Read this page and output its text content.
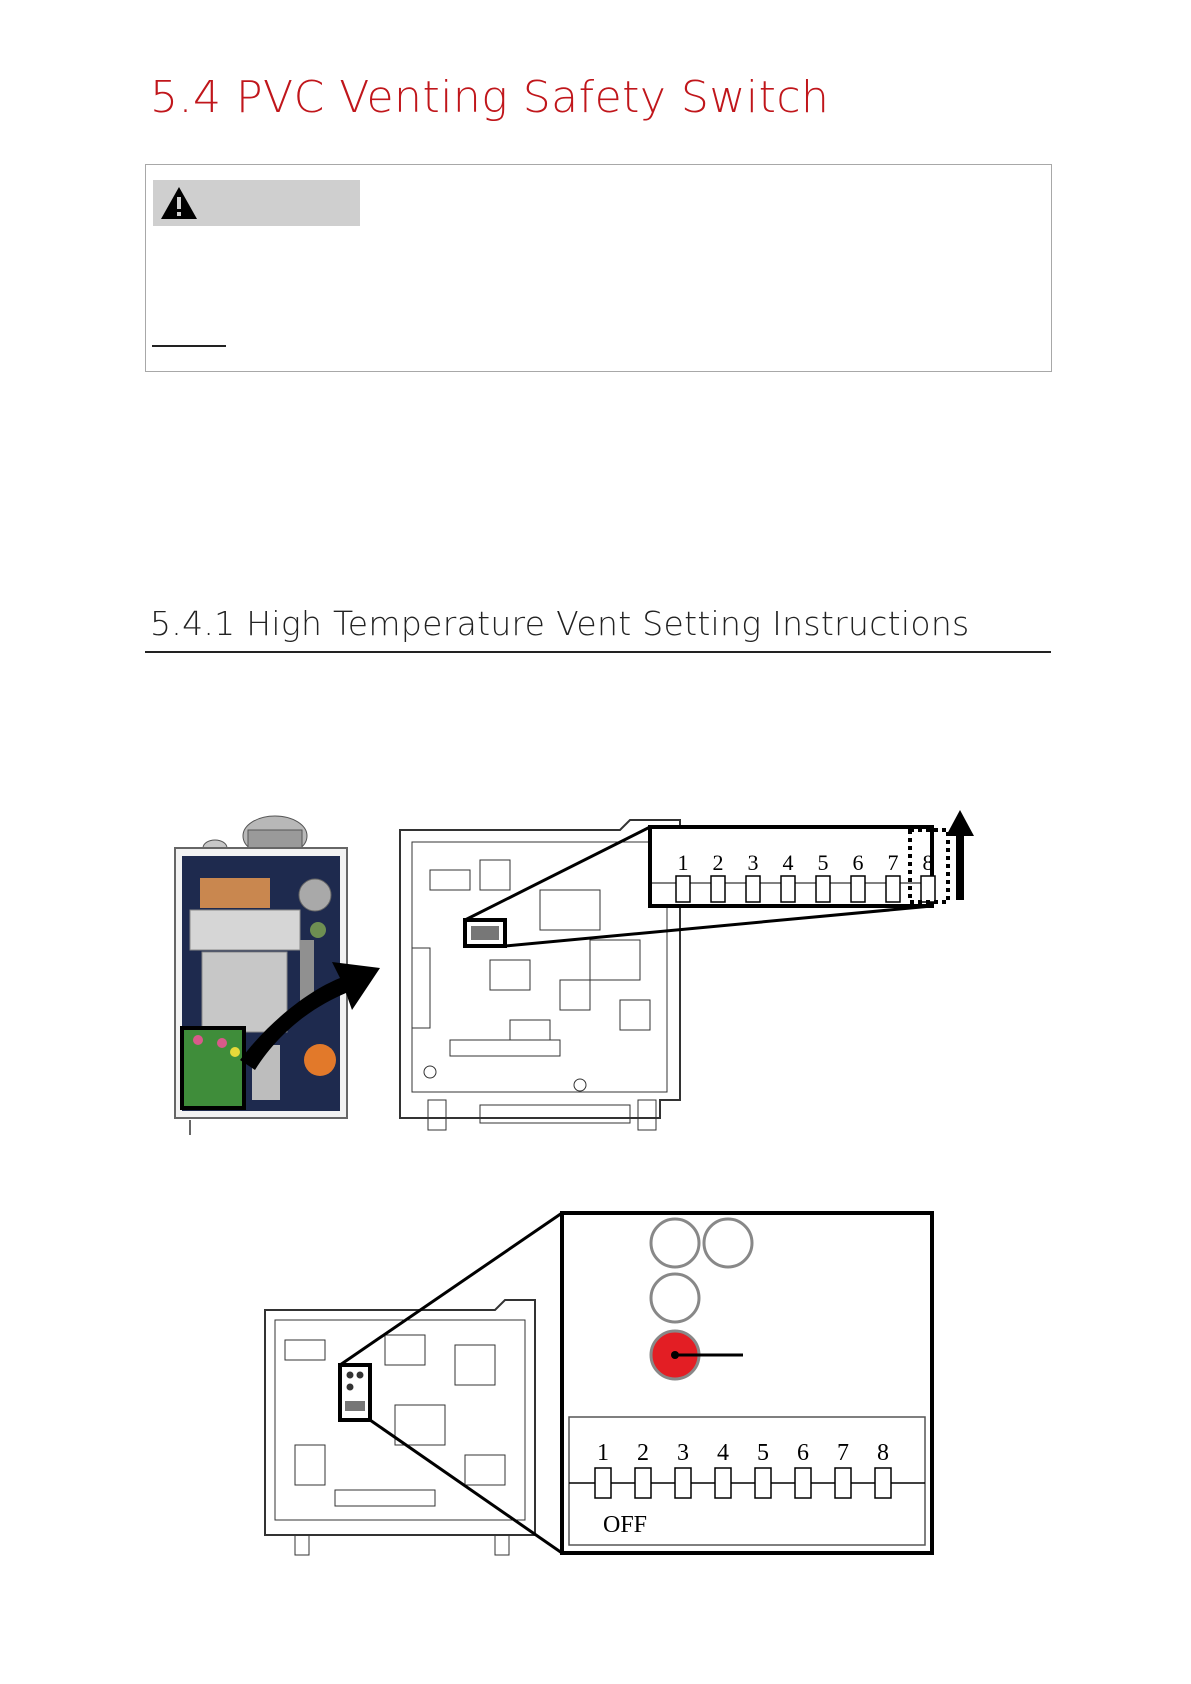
5.4 PVC Venting Safety Switch
5.4.1 High Temperature Vent Setting Instructions
1 2 3 4 5 6 7 8
1 2 3 4 5 6 7 8
OFF
